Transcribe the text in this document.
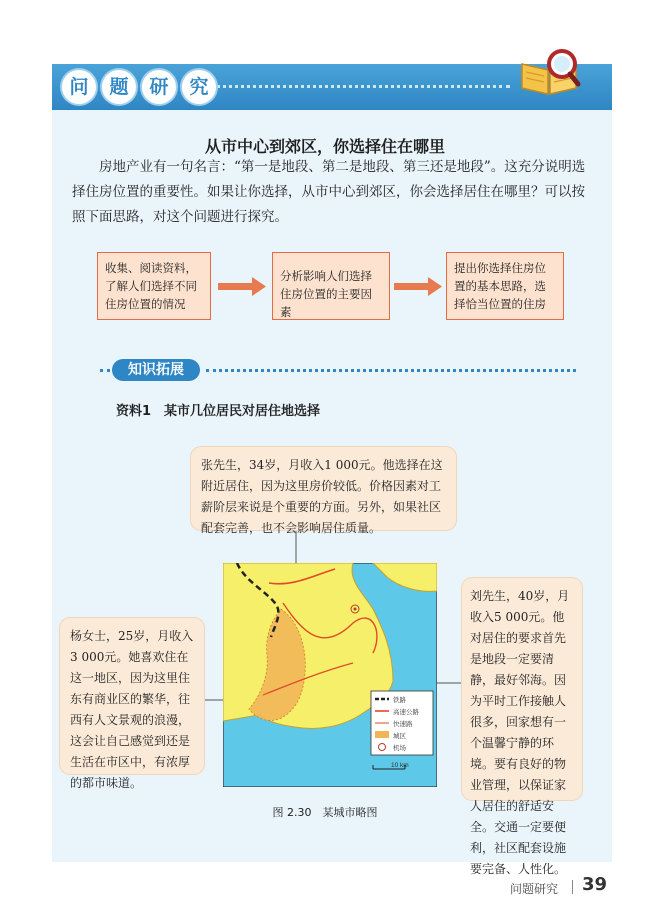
问	题	研	究
从市中心到郊区，你选择住在哪里
房地产业有一句名言：“第一是地段、第二是地段、第三还是地段”。这充分说明选择住房位置的重要性。如果让你选择，从市中心到郊区，你会选择居住在哪里？可以按照下面思路，对这个问题进行探究。
收集、阅读资料，了解人们选择不同住房位置的情况
分析影响人们选择住房位置的主要因素
提出你选择住房位置的基本思路，选择恰当位置的住房
知识拓展
资料1　某市几位居民对居住地选择
铁路
高速公路
快速路
城区
机场
10 km
张先生，34岁，月收入1 000元。他选择在这附近居住，因为这里房价较低。价格因素对工薪阶层来说是个重要的方面。另外，如果社区配套完善，也不会影响居住质量。
杨女士，25岁，月收入3 000元。她喜欢住在这一地区，因为这里住东有商业区的繁华，往西有人文景观的浪漫，这会让自己感觉到还是生活在市区中，有浓厚的都市味道。
刘先生，40岁，月收入5 000元。他对居住的要求首先是地段一定要清静，最好邻海。因为平时工作接触人很多，回家想有一个温馨宁静的环境。要有良好的物业管理，以保证家人居住的舒适安全。交通一定要便利，社区配套设施要完备、人性化。
图 2.30　某城市略图
问题研究 39
